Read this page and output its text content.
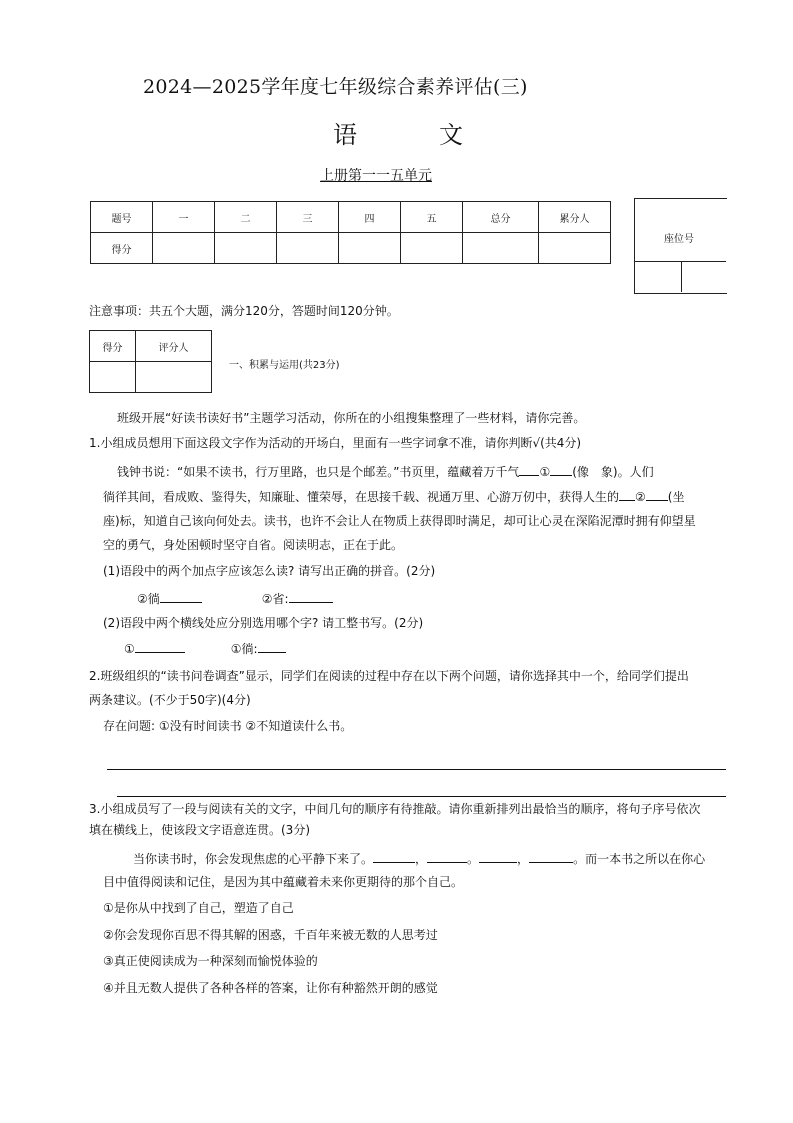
2024—2025学年度七年级综合素养评估(三)
语	文
上册第一一五单元
题号	一	二	三	四	五	总分	累分人
得分							
座位号
注意事项：共五个大题，满分120分，答题时间120分钟。
得分	评分人

一、积累与运用(共23分)
班级开展“好读书读好书”主题学习活动，你所在的小组搜集整理了一些材料，请你完善。
1.小组成员想用下面这段文字作为活动的开场白，里面有一些字词拿不准，请你判断√(共4分)
钱钟书说：“如果不读书，行万里路，也只是个邮差。”书页里，蕴藏着万千气 ① (像　象)。人们
徜徉其间，看成败、鉴得失，知廉耻、懂荣辱，在思接千载、视通万里、心游万仞中，获得人生的 ② (坐
座)标，知道自己该向何处去。读书，也许不会让人在物质上获得即时满足，却可让心灵在深陷泥潭时拥有仰望星
空的勇气，身处困顿时坚守自省。阅读明志，正在于此。
(1)语段中的两个加点字应该怎么读? 请写出正确的拼音。(2分)
②徜	②省:
(2)语段中两个横线处应分别选用哪个字? 请工整书写。(2分)
①	①徜:
2.班级组织的“读书问卷调查”显示，同学们在阅读的过程中存在以下两个问题，请你选择其中一个，给同学们提出
两条建议。(不少于50字)(4分)
存在问题: ①没有时间读书 ②不知道读什么书。
3.小组成员写了一段与阅读有关的文字，中间几句的顺序有待推敲。请你重新排列出最恰当的顺序，将句子序号依次
填在横线上，使该段文字语意连贯。(3分)
当你读书时，你会发现焦虑的心平静下来了。	，	。	，	。而一本书之所以在你心
目中值得阅读和记住，是因为其中蕴藏着未来你更期待的那个自己。
①是你从中找到了自己，塑造了自己
②你会发现你百思不得其解的困惑，千百年来被无数的人思考过
③真正使阅读成为一种深刻而愉悦体验的
④并且无数人提供了各种各样的答案，让你有种豁然开朗的感觉
